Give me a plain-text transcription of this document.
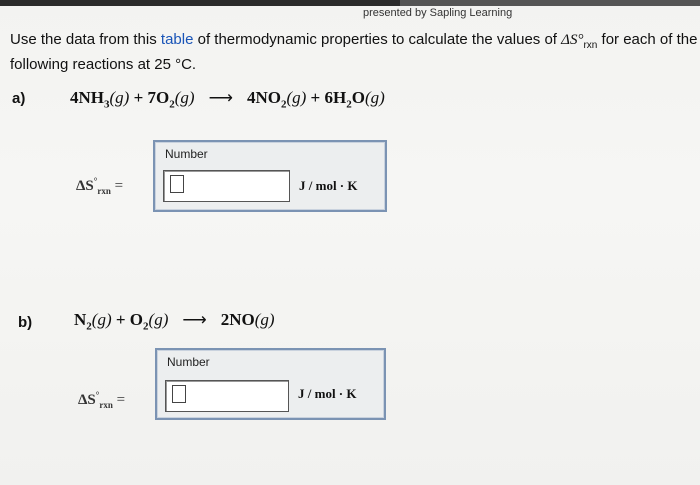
presented by Sapling Learning
Use the data from this table of thermodynamic properties to calculate the values of $\Delta S^\circ_{rxn}$ for each of the following reactions at 25 °C.
a)	$4NH_3(g) + 7O_2(g)$ ⟶ $4NO_2(g) + 6H_2O(g)$
$\Delta S^\circ_{rxn}$ =
Number
J / mol · K
b) $N_2(g) + O_2(g)$ ⟶ 2NO(g)
$\Delta S^\circ_{rxn}$ =
Number
J / mol · K
